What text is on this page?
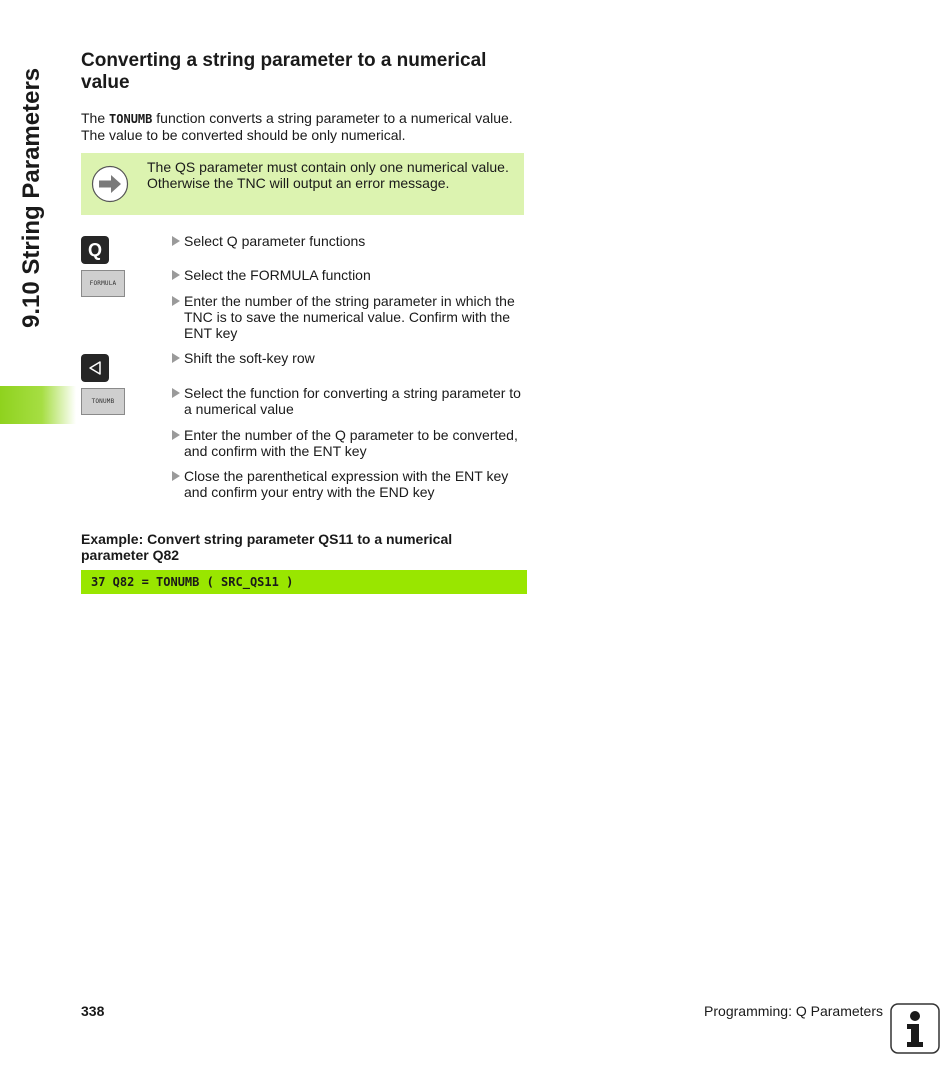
9.10 String Parameters
Converting a string parameter to a numerical value
The TONUMB function converts a string parameter to a numerical value. The value to be converted should be only numerical.
The QS parameter must contain only one numerical value. Otherwise the TNC will output an error message.
Q
FORMULA
TONUMB
Select Q parameter functions
Select the FORMULA function
Enter the number of the string parameter in which the TNC is to save the numerical value. Confirm with the ENT key
Shift the soft-key row
Select the function for converting a string parameter to a numerical value
Enter the number of the Q parameter to be converted, and confirm with the ENT key
Close the parenthetical expression with the ENT key and confirm your entry with the END key
Example: Convert string parameter QS11 to a numerical parameter Q82
37 Q82 = TONUMB ( SRC_QS11 )
338	Programming: Q Parameters
